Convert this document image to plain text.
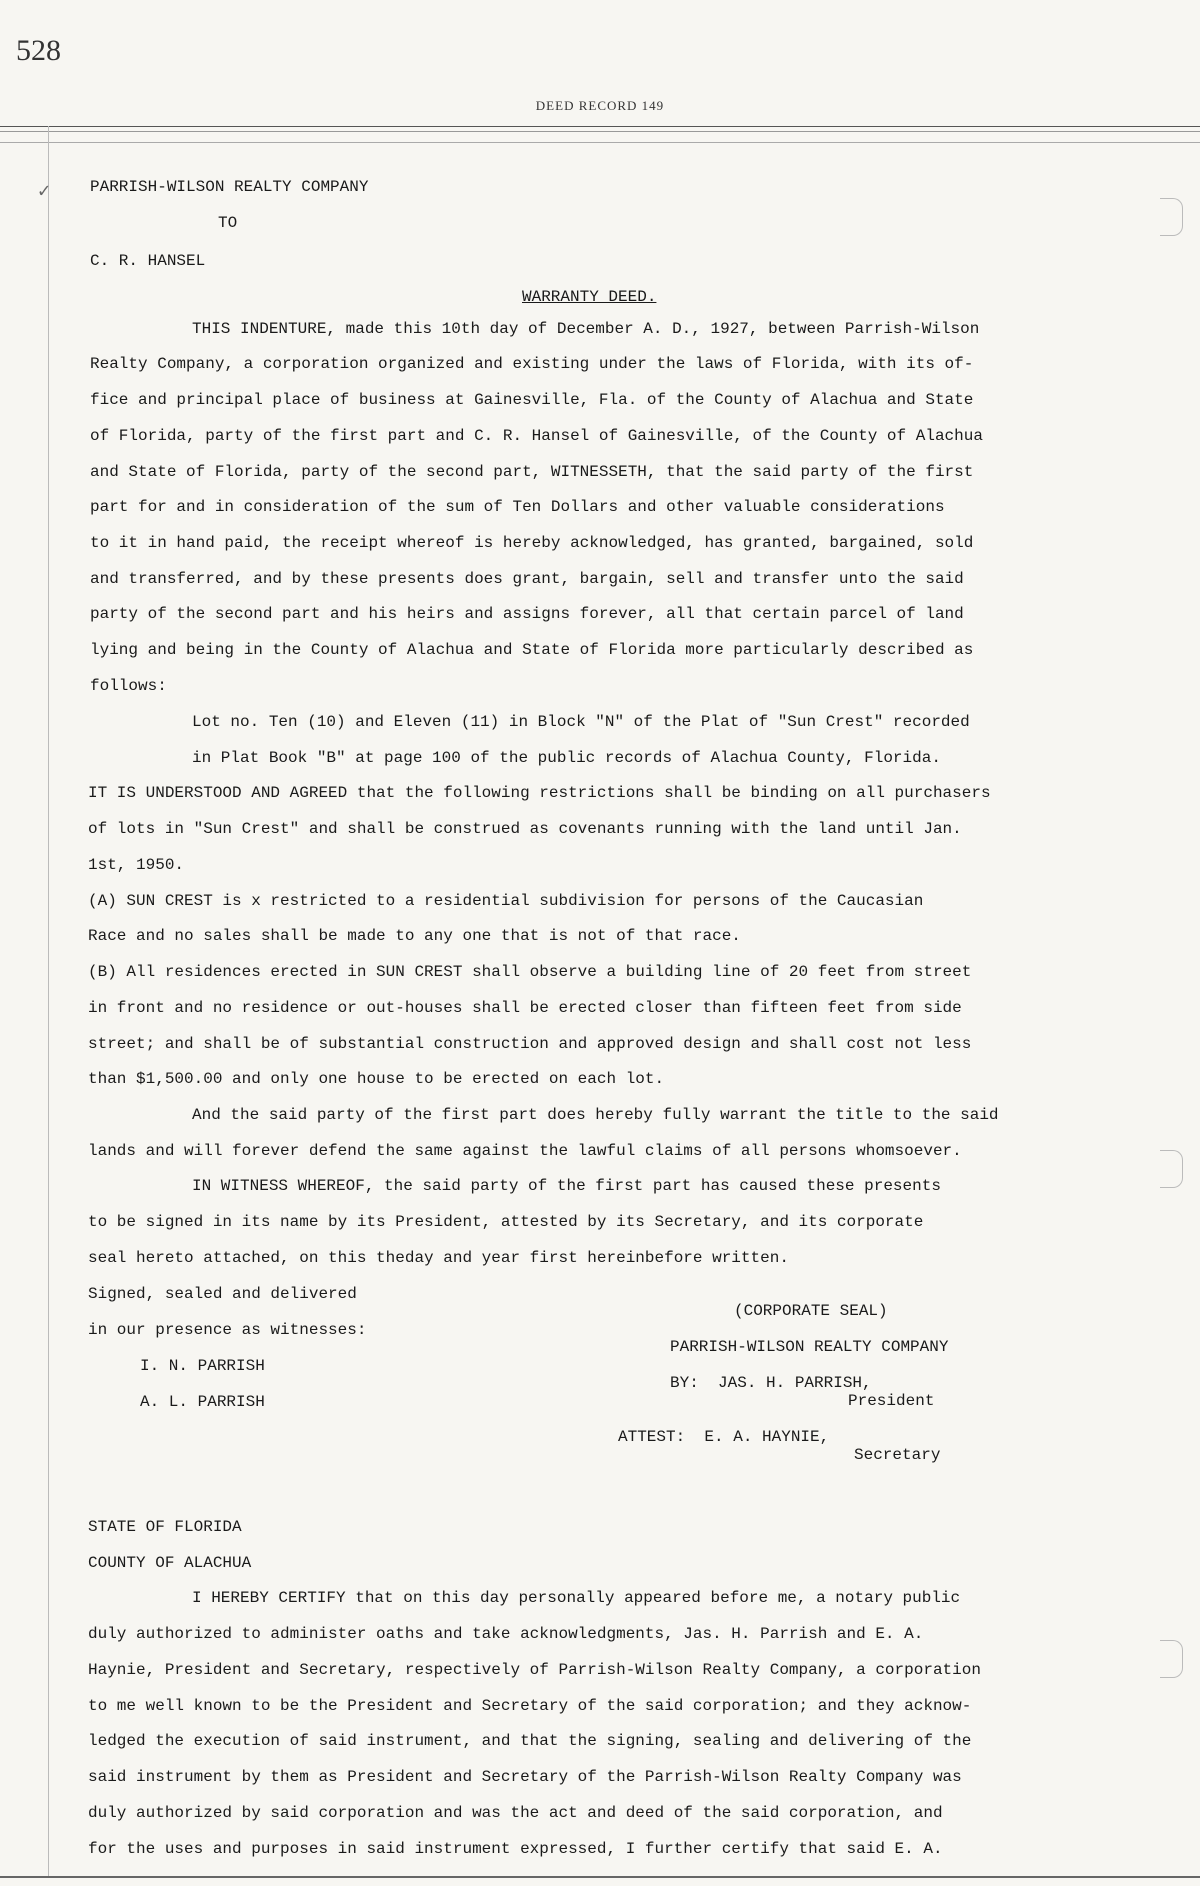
528
DEED RECORD 149
✓ PARRISH-WILSON REALTY COMPANY
TO
C. R. HANSEL
WARRANTY DEED.
THIS INDENTURE, made this 10th day of December A. D., 1927, between Parrish-Wilson
Realty Company, a corporation organized and existing under the laws of Florida, with its of-
fice and principal place of business at Gainesville, Fla. of the County of Alachua and State
of Florida, party of the first part and C. R. Hansel of Gainesville, of the County of Alachua
and State of Florida, party of the second part, WITNESSETH, that the said party of the first
part for and in consideration of the sum of Ten Dollars and other valuable considerations
to it in hand paid, the receipt whereof is hereby acknowledged, has granted, bargained, sold
and transferred, and by these presents does grant, bargain, sell and transfer unto the said
party of the second part and his heirs and assigns forever, all that certain parcel of land
lying and being in the County of Alachua and State of Florida more particularly described as
follows:
Lot no. Ten (10) and Eleven (11) in Block "N" of the Plat of "Sun Crest" recorded
in Plat Book "B" at page 100 of the public records of Alachua County, Florida.
IT IS UNDERSTOOD AND AGREED that the following restrictions shall be binding on all purchasers
of lots in "Sun Crest" and shall be construed as covenants running with the land until Jan.
1st, 1950.
(A) SUN CREST is x restricted to a residential subdivision for persons of the Caucasian
Race and no sales shall be made to any one that is not of that race.
(B) All residences erected in SUN CREST shall observe a building line of 20 feet from street
in front and no residence or out-houses shall be erected closer than fifteen feet from side
street; and shall be of substantial construction and approved design and shall cost not less
than $1,500.00 and only one house to be erected on each lot.
And the said party of the first part does hereby fully warrant the title to the said
lands and will forever defend the same against the lawful claims of all persons whomsoever.
IN WITNESS WHEREOF, the said party of the first part has caused these presents
to be signed in its name by its President, attested by its Secretary, and its corporate
seal hereto attached, on this theday and year first hereinbefore written.
Signed, sealed and delivered
in our presence as witnesses:
I. N. PARRISH
A. L. PARRISH
(CORPORATE SEAL)
PARRISH-WILSON REALTY COMPANY
BY:  JAS. H. PARRISH,
President
ATTEST:  E. A. HAYNIE,
Secretary
STATE OF FLORIDA
COUNTY OF ALACHUA
I HEREBY CERTIFY that on this day personally appeared before me, a notary public
duly authorized to administer oaths and take acknowledgments, Jas. H. Parrish and E. A.
Haynie, President and Secretary, respectively of Parrish-Wilson Realty Company, a corporation
to me well known to be the President and Secretary of the said corporation; and they acknow-
ledged the execution of said instrument, and that the signing, sealing and delivering of the
said instrument by them as President and Secretary of the Parrish-Wilson Realty Company was
duly authorized by said corporation and was the act and deed of the said corporation, and
for the uses and purposes in said instrument expressed, I further certify that said E. A.
